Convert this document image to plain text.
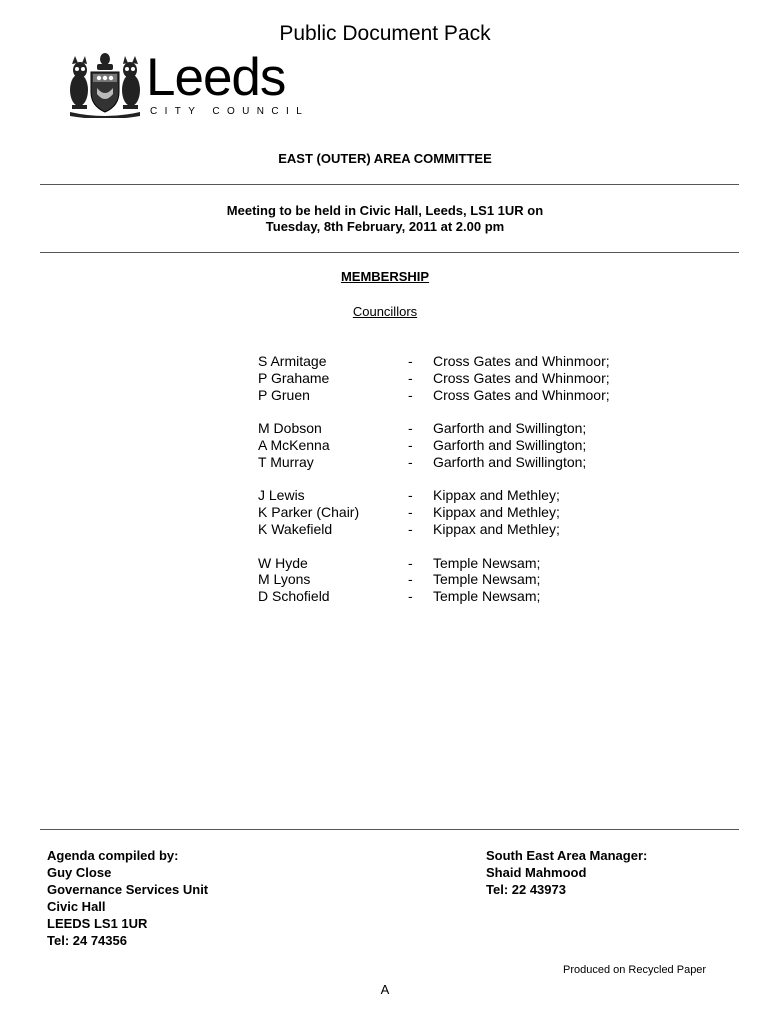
Public Document Pack
Leeds
CITY COUNCIL
EAST (OUTER) AREA COMMITTEE
Meeting to be held in Civic Hall, Leeds, LS1 1UR on
Tuesday, 8th February, 2011 at 2.00 pm
MEMBERSHIP
Councillors
S Armitage	- Cross Gates and Whinmoor;
P Grahame	- Cross Gates and Whinmoor;
P Gruen	- Cross Gates and Whinmoor;
M Dobson	- Garforth and Swillington;
A McKenna	- Garforth and Swillington;
T Murray	- Garforth and Swillington;
J Lewis	- Kippax and Methley;
K Parker (Chair)	- Kippax and Methley;
K Wakefield	- Kippax and Methley;
W Hyde	- Temple Newsam;
M Lyons	- Temple Newsam;
D Schofield	- Temple Newsam;
Agenda compiled by:
Guy Close
Governance Services Unit
Civic Hall
LEEDS LS1 1UR
Tel: 24 74356
South East Area Manager:
Shaid Mahmood
Tel: 22 43973
Produced on Recycled Paper
A
